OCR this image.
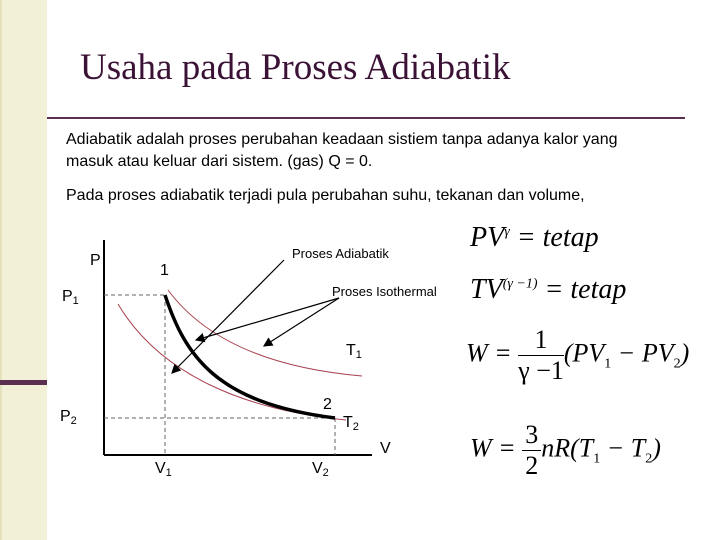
Usaha pada Proses Adiabatik
Adiabatik adalah proses perubahan keadaan sistiem tanpa adanya kalor yang masuk atau keluar dari sistem. (gas) Q = 0.
Pada proses adiabatik terjadi pula perubahan suhu, tekanan dan volume,
P
V
$P_1$
$P_2$
$V_1$	$V_2$
$T_1$
$T_2$
1
2
Proses Adiabatik
Proses Isothermal
$PV^\gamma$ = tetap
$TV^{(\gamma -1)}$ = tetap
$W = \frac{1}{\gamma -1} (PV_1 - PV_2)$
$W = \frac{3}{2} nR(T_1 - T_2)$
